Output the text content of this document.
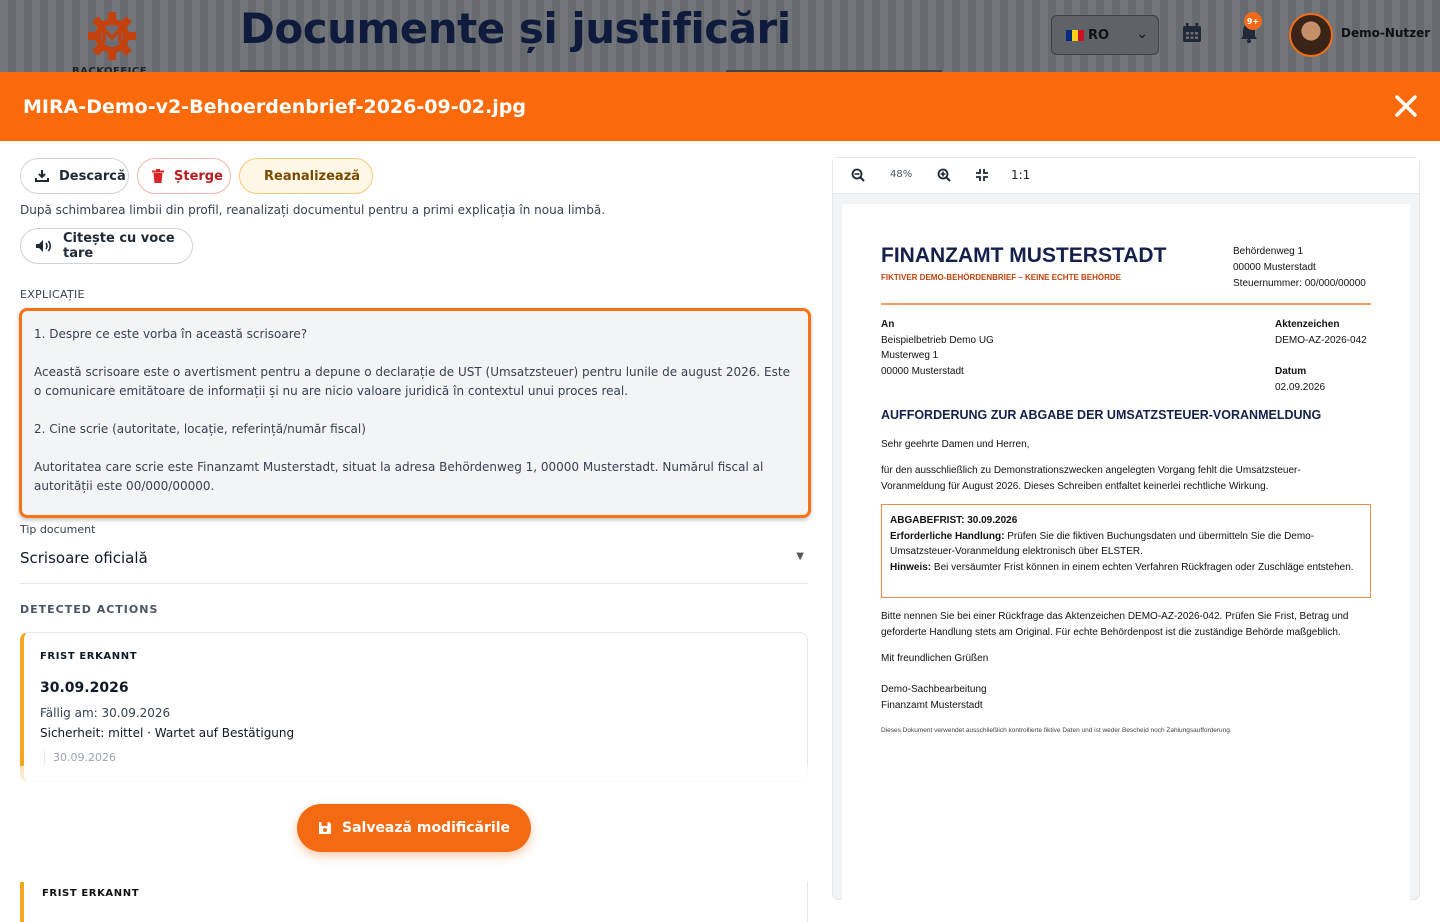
Documente și justificări	RO ⌄
9+
Demo-Nutzer
MIRA-Demo-v2-Behoerdenbrief-2026-09-02.jpg
Descarcă	Șterge	Reanalizează
După schimbarea limbii din profil, reanalizați documentul pentru a primi explicația în noua limbă.
Citește cu voce tare
EXPLICAȚIE

1. Despre ce este vorba în această scrisoare?

Această scrisoare este o avertisment pentru a depune o declarație de UST (Umsatzsteuer) pentru lunile de august 2026. Este o comunicare emitătoare de informații și nu are nicio valoare juridică în contextul unui proces real.

2. Cine scrie (autoritate, locație, referință/număr fiscal)

Autoritatea care scrie este Finanzamt Musterstadt, situat la adresa Behördenweg 1, 00000 Musterstadt. Numărul fiscal al autorității este 00/000/00000.

Tip document
Scrisoare oficială	▼
DETECTED ACTIONS
FRIST ERKANNT
30.09.2026
Fällig am: 30.09.2026
Sicherheit: mittel · Wartet auf Bestätigung
30.09.2026
FRIST ERKANNT
Salvează modificările
48%	1:1
FINANZAMT MUSTERSTADT
FIKTIVER DEMO-BEHÖRDENBRIEF – KEINE ECHTE BEHÖRDE
Behördenweg 1
00000 Musterstadt
Steuernummer: 00/000/00000
An
Beispielbetrieb Demo UG
Musterweg 1
00000 Musterstadt
Aktenzeichen
DEMO-AZ-2026-042
Datum
02.09.2026
AUFFORDERUNG ZUR ABGABE DER UMSATZSTEUER-VORANMELDUNG
Sehr geehrte Damen und Herren,
für den ausschließlich zu Demonstrationszwecken angelegten Vorgang fehlt die Umsatzsteuer-Voranmeldung für August 2026. Dieses Schreiben entfaltet keinerlei rechtliche Wirkung.
ABGABEFRIST: 30.09.2026
Erforderliche Handlung: Prüfen Sie die fiktiven Buchungsdaten und übermitteln Sie die Demo-Umsatzsteuer-Voranmeldung elektronisch über ELSTER.
Hinweis: Bei versäumter Frist können in einem echten Verfahren Rückfragen oder Zuschläge entstehen.
Bitte nennen Sie bei einer Rückfrage das Aktenzeichen DEMO-AZ-2026-042. Prüfen Sie Frist, Betrag und geforderte Handlung stets am Original. Für echte Behördenpost ist die zuständige Behörde maßgeblich.
Mit freundlichen Grüßen
Demo-Sachbearbeitung
Finanzamt Musterstadt
Dieses Dokument verwendet ausschließlich kontrollierte fiktive Daten und ist weder Bescheid noch Zahlungsaufforderung.
